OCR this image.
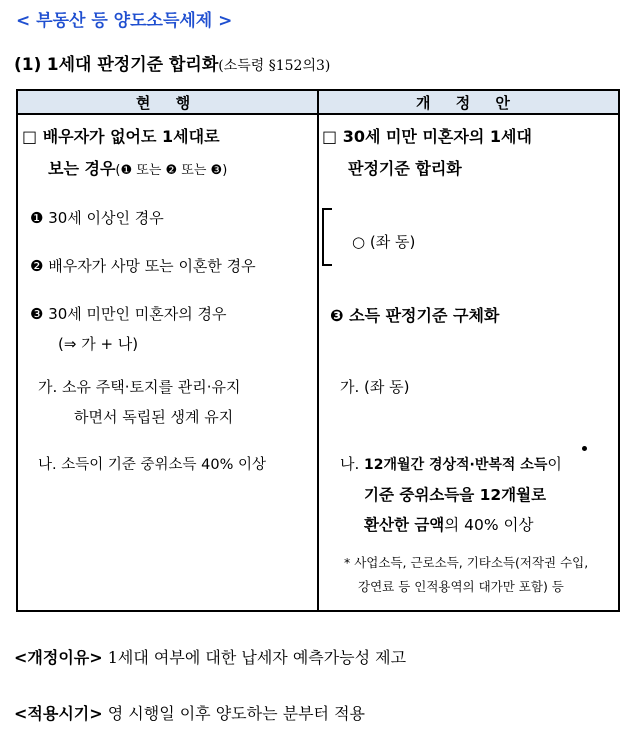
< 부동산 등 양도소득세제 >
(1) 1세대 판정기준 합리화(소득령 §152의3)
현 행	개 정 안
□ 배우자가 없어도 1세대로
보는 경우(❶ 또는 ❷ 또는 ❸)
❶ 30세 이상인 경우
❷ 배우자가 사망 또는 이혼한 경우
❸ 30세 미만인 미혼자의 경우
(⇒ 가 + 나)
가. 소유 주택·토지를 관리·유지
하면서 독립된 생계 유지
나. 소득이 기준 중위소득 40% 이상
□ 30세 미만 미혼자의 1세대
판정기준 합리화
○ (좌 동)
❸ 소득 판정기준 구체화
가. (좌 동)
나. 12개월간 경상적·반복적 소득이
기준 중위소득을 12개월로
환산한 금액의 40% 이상
* 사업소득, 근로소득, 기타소득(저작권 수입,
강연료 등 인적용역의 대가만 포함) 등
<개정이유> 1세대 여부에 대한 납세자 예측가능성 제고
<적용시기> 영 시행일 이후 양도하는 분부터 적용
